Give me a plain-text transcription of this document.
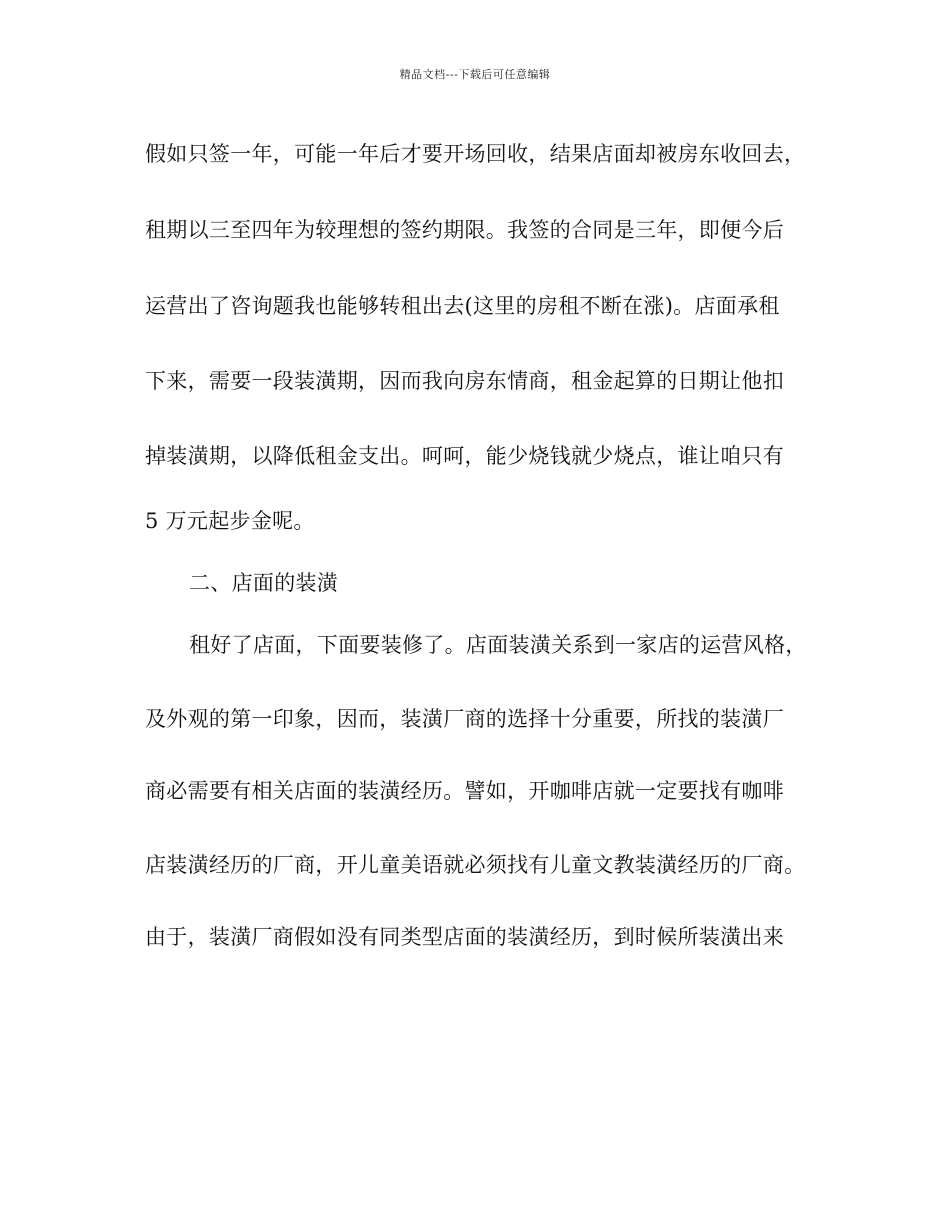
精品文档---下载后可任意编辑
假如只签一年，可能一年后才要开场回收，结果店面却被房东收回去，
租期以三至四年为较理想的签约期限。我签的合同是三年，即便今后
运营出了咨询题我也能够转租出去(这里的房租不断在涨)。店面承租
下来，需要一段装潢期，因而我向房东情商，租金起算的日期让他扣
掉装潢期，以降低租金支出。呵呵，能少烧钱就少烧点，谁让咱只有
5 万元起步金呢。
二、店面的装潢
租好了店面，下面要装修了。店面装潢关系到一家店的运营风格，
及外观的第一印象，因而，装潢厂商的选择十分重要，所找的装潢厂
商必需要有相关店面的装潢经历。譬如，开咖啡店就一定要找有咖啡
店装潢经历的厂商，开儿童美语就必须找有儿童文教装潢经历的厂商。
由于，装潢厂商假如没有同类型店面的装潢经历，到时候所装潢出来
